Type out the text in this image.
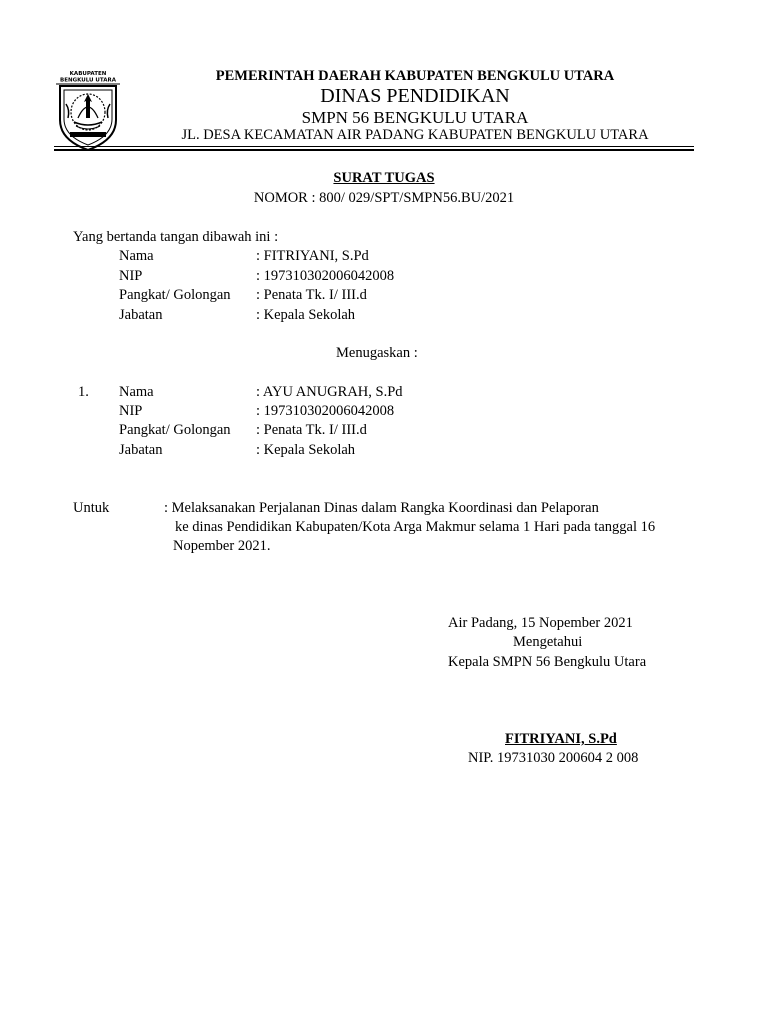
KABUPATEN
BENGKULU UTARA	PEMERINTAH DAERAH KABUPATEN BENGKULU UTARA
DINAS PENDIDIKAN
SMPN 56 BENGKULU UTARA
JL. DESA KECAMATAN AIR PADANG KABUPATEN BENGKULU UTARA
SURAT TUGAS
NOMOR : 800/ 029/SPT/SMPN56.BU/2021
Yang bertanda tangan dibawah ini :
Nama	: FITRIYANI, S.Pd
NIP	: 197310302006042008
Pangkat/ Golongan : Penata Tk. I/ III.d
Jabatan	: Kepala Sekolah
Menugaskan :
1. Nama	: AYU ANUGRAH, S.Pd
NIP	: 197310302006042008
Pangkat/ Golongan : Penata Tk. I/ III.d
Jabatan	: Kepala Sekolah
Untuk	: Melaksanakan Perjalanan Dinas dalam Rangka Koordinasi dan Pelaporan
ke dinas Pendidikan Kabupaten/Kota Arga Makmur selama 1 Hari pada tanggal 16
Nopember 2021.
Air Padang, 15 Nopember 2021
Mengetahui
Kepala SMPN 56 Bengkulu Utara
FITRIYANI, S.Pd
NIP. 19731030 200604 2 008
